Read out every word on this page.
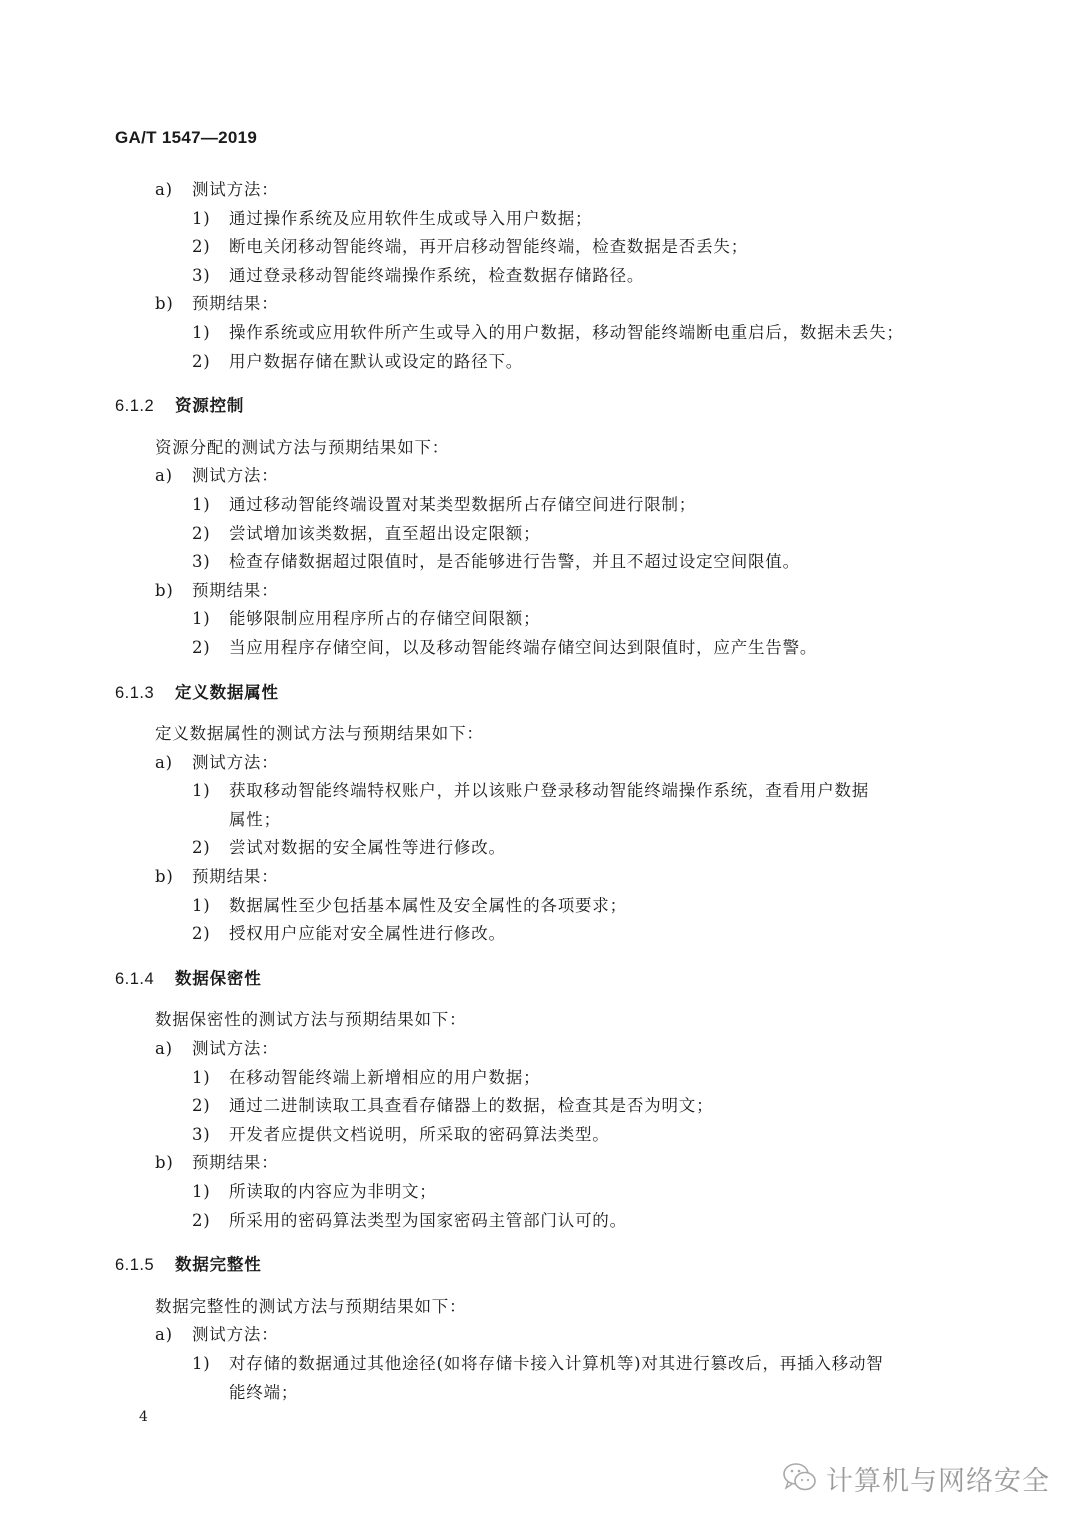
GA/T 1547—2019
a) 测试方法：
1) 通过操作系统及应用软件生成或导入用户数据；
2) 断电关闭移动智能终端，再开启移动智能终端，检查数据是否丢失；
3) 通过登录移动智能终端操作系统，检查数据存储路径。
b) 预期结果：
1) 操作系统或应用软件所产生或导入的用户数据，移动智能终端断电重启后，数据未丢失；
2) 用户数据存储在默认或设定的路径下。
6.1.2 资源控制
资源分配的测试方法与预期结果如下：
a) 测试方法：
1) 通过移动智能终端设置对某类型数据所占存储空间进行限制；
2) 尝试增加该类数据，直至超出设定限额；
3) 检查存储数据超过限值时，是否能够进行告警，并且不超过设定空间限值。
b) 预期结果：
1) 能够限制应用程序所占的存储空间限额；
2) 当应用程序存储空间，以及移动智能终端存储空间达到限值时，应产生告警。
6.1.3 定义数据属性
定义数据属性的测试方法与预期结果如下：
a) 测试方法：
1) 获取移动智能终端特权账户，并以该账户登录移动智能终端操作系统，查看用户数据
属性；
2) 尝试对数据的安全属性等进行修改。
b) 预期结果：
1) 数据属性至少包括基本属性及安全属性的各项要求；
2) 授权用户应能对安全属性进行修改。
6.1.4 数据保密性
数据保密性的测试方法与预期结果如下：
a) 测试方法：
1) 在移动智能终端上新增相应的用户数据；
2) 通过二进制读取工具查看存储器上的数据，检查其是否为明文；
3) 开发者应提供文档说明，所采取的密码算法类型。
b) 预期结果：
1) 所读取的内容应为非明文；
2) 所采用的密码算法类型为国家密码主管部门认可的。
6.1.5 数据完整性
数据完整性的测试方法与预期结果如下：
a) 测试方法：
1) 对存储的数据通过其他途径(如将存储卡接入计算机等)对其进行篡改后，再插入移动智
能终端；
4
计算机与网络安全
